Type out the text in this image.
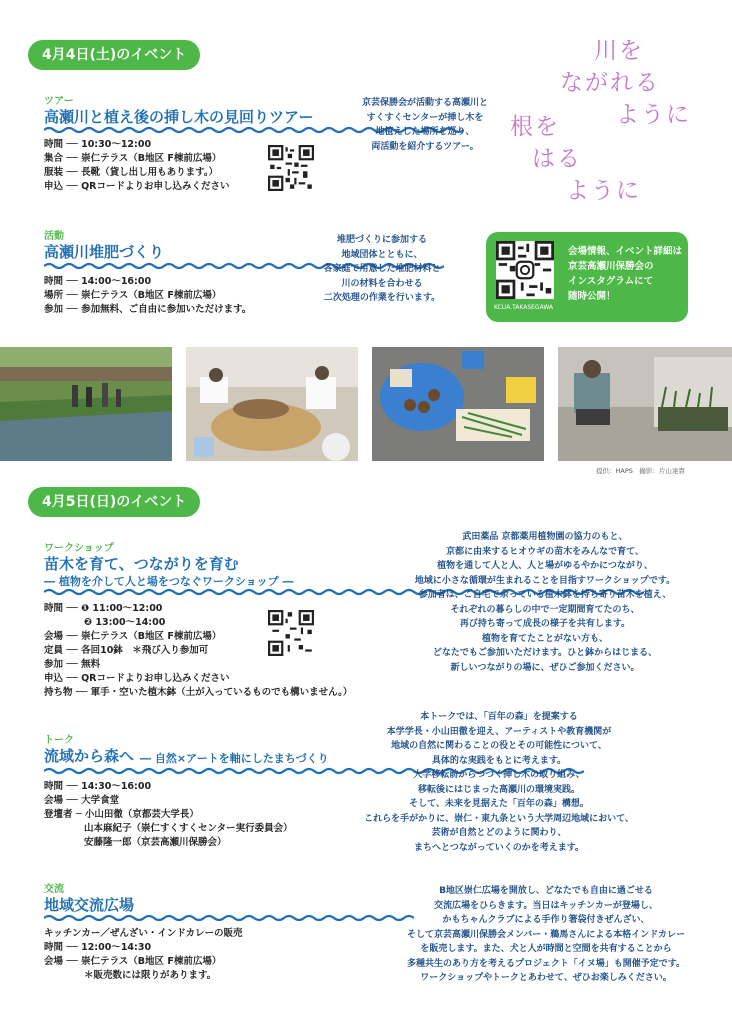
4月4日(土)のイベント
ツアー
高瀬川と植え後の挿し木の見回りツアー
時間 ── 10:30〜12:00
集合 ── 崇仁テラス（B地区 F棟前広場）
服装 ── 長靴（貸し出し用もあります。）
申込 ── QRコードよりお申し込みください
京芸保勝会が活動する高瀬川と
すくすくセンターが挿し木を
地植えした場所を巡り、
両活動を紹介するツアー。
川を
ながれる
ように
根を
はる
ように
活動
高瀬川堆肥づくり
時間 ── 14:00〜16:00
場所 ── 崇仁テラス（B地区 F棟前広場）
参加 ── 参加無料、ご自由に参加いただけます。
堆肥づくりに参加する
地域団体とともに、
各家庭で用意した堆肥材料と
川の材料を合わせる
二次処理の作業を行います。
KCUA.TAKASEGAWA
会場情報、イベント詳細は
京芸高瀬川保勝会の
インスタグラムにて
随時公開！
提供：HAPS　撮影：片山達貴
4月5日(日)のイベント
ワークショップ
苗木を育て、つながりを育む
― 植物を介して人と場をつなぐワークショップ ―
時間 ── ❶ 11:00〜12:00
❷ 13:00〜14:00
会場 ── 崇仁テラス（B地区 F棟前広場）
定員 ── 各回10鉢　＊飛び入り参加可
参加 ── 無料
申込 ── QRコードよりお申し込みください
持ち物 ── 軍手・空いた植木鉢（土が入っているものでも構いません。）
武田薬品 京都薬用植物園の協力のもと、
京都に由来するヒオウギの苗木をみんなで育て、
植物を通して人と人、人と場がゆるやかにつながり、
地域に小さな循環が生まれることを目指すワークショップです。
参加者は、ご自宅で余っている植木鉢を持ち寄り苗木を植え、
それぞれの暮らしの中で一定期間育てたのち、
再び持ち寄って成長の様子を共有します。
植物を育てたことがない方も、
どなたでもご参加いただけます。ひと鉢からはじまる、
新しいつながりの場に、ぜひご参加ください。
トーク
流域から森へ ― 自然×アートを軸にしたまちづくり
時間 ── 14:30〜16:00
会場 ── 大学食堂
登壇者 ─ 小山田徹（京都芸大学長）
山本麻紀子（崇仁すくすくセンター実行委員会）
安藤隆一郎（京芸高瀬川保勝会）
本トークでは、「百年の森」を提案する
本学学長・小山田徹を迎え、アーティストや教育機関が
地域の自然に関わることの役とその可能性について、
具体的な実践をもとに考えます。
大学移転前からつづく挿し木の取り組み、
移転後にはじまった高瀬川の環境実践。
そして、未来を見据えた「百年の森」構想。
これらを手がかりに、崇仁・東九条という大学周辺地域において、
芸術が自然とどのように関わり、
まちへとつながっていくのかを考えます。
交流
地域交流広場
キッチンカー／ぜんざい・インドカレーの販売
時間 ── 12:00〜14:30
会場 ── 崇仁テラス（B地区 F棟前広場）
＊販売数には限りがあります。
B地区崇仁広場を開放し、どなたでも自由に過ごせる
交流広場をひらきます。当日はキッチンカーが登場し、
かもちゃんクラブによる手作り箸袋付きぜんざい、
そして京芸高瀬川保勝会メンバー・鵜馬さんによる本格インドカレー
を販売します。また、犬と人が時間と空間を共有することから
多種共生のあり方を考えるプロジェクト「イヌ場」も開催予定です。
ワークショップやトークとあわせて、ぜひお楽しみください。
